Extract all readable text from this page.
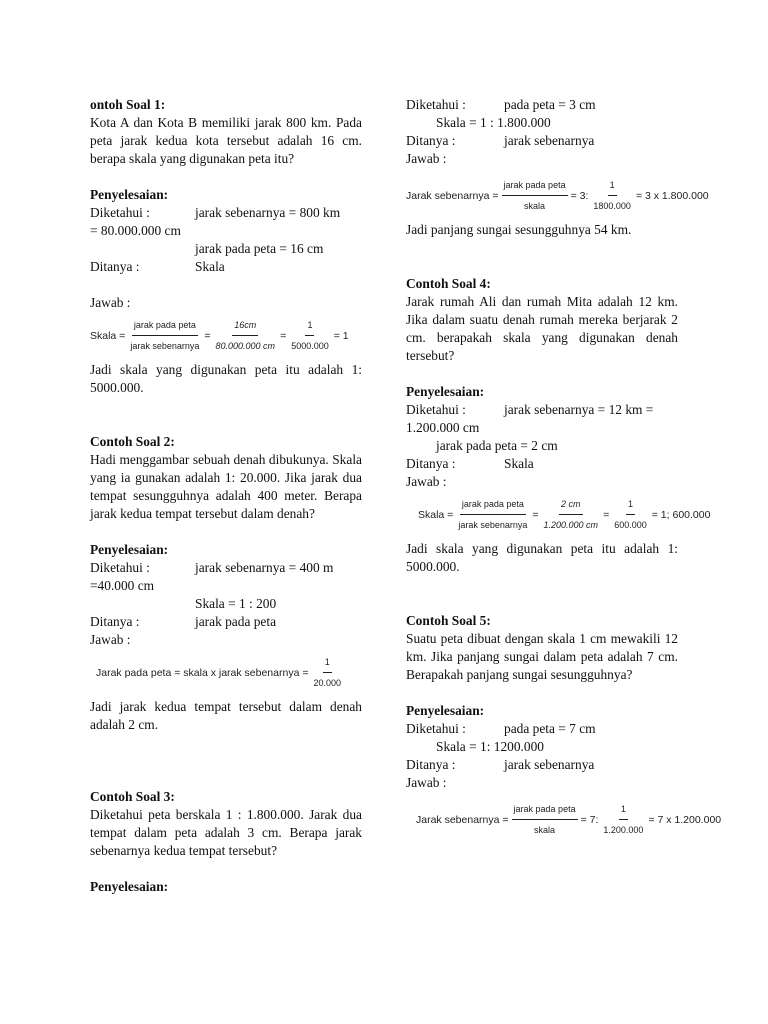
ontoh Soal 1:

Kota A dan Kota B memiliki jarak 800 km. Pada peta jarak kedua kota tersebut adalah 16 cm. berapa skala yang digunakan peta itu?

Penyelesaian:

Diketahui :	jarak sebenarnya = 800 km

= 80.000.000 cm

jarak pada peta = 16 cm

Ditanya :	Skala

Jawab :

Skala = $\frac{\text{jarak pada peta}}{\text{jarak sebenarnya}} = \frac{16cm}{80.000.000 cm} = \frac{1}{5000.000} = 1$

Jadi skala yang digunakan peta itu adalah 1: 5000.000.

Contoh Soal 2:

Hadi menggambar sebuah denah dibukunya. Skala yang ia gunakan adalah 1: 20.000. Jika jarak dua tempat sesungguhnya adalah 400 meter. Berapa jarak kedua tempat tersebut dalam denah?

Penyelesaian:

Diketahui :	jarak sebenarnya = 400 m

=40.000 cm

Skala = 1 : 200

Ditanya :	jarak pada peta

Jawab :

Jarak pada peta = skala x jarak sebenarnya = $\frac{1}{20.000}$

Jadi jarak kedua tempat tersebut dalam denah adalah 2 cm.

Contoh Soal 3:

Diketahui peta berskala 1 : 1.800.000. Jarak dua tempat dalam peta adalah 3 cm. Berapa jarak sebenarnya kedua tempat tersebut?

Penyelesaian:

Diketahui :	pada peta = 3 cm

Skala = 1 : 1.800.000

Ditanya :	jarak sebenarnya

Jawab :

Jarak sebenarnya = $\frac{\text{jarak pada peta}}{\text{skala}} = 3$: $\frac{1}{1800.000} = 3$ x 1.800.000

Jadi panjang sungai sesungguhnya 54 km.

Contoh Soal 4:

Jarak rumah Ali dan rumah Mita adalah 12 km. Jika dalam suatu denah rumah mereka berjarak 2 cm. berapakah skala yang digunakan denah tersebut?

Penyelesaian:

Diketahui :	jarak sebenarnya = 12 km =

1.200.000 cm

jarak pada peta = 2 cm

Ditanya :	Skala

Jawab :

Skala = $\frac{\text{jarak pada peta}}{\text{jarak sebenarnya}} = \frac{2 cm}{1.200.000 cm} = \frac{1}{600.000} = 1$; 600.000

Jadi skala yang digunakan peta itu adalah 1: 5000.000.

Contoh Soal 5:

Suatu peta dibuat dengan skala 1 cm mewakili 12 km. Jika panjang sungai dalam peta adalah 7 cm. Berapakah panjang sungai sesungguhnya?

Penyelesaian:

Diketahui :	pada peta = 7 cm

Skala = 1: 1200.000

Ditanya :	jarak sebenarnya

Jawab :

Jarak sebenarnya = $\frac{\text{jarak pada peta}}{\text{skala}} = 7$: $\frac{1}{1.200.000} = 7$ x 1.200.000
